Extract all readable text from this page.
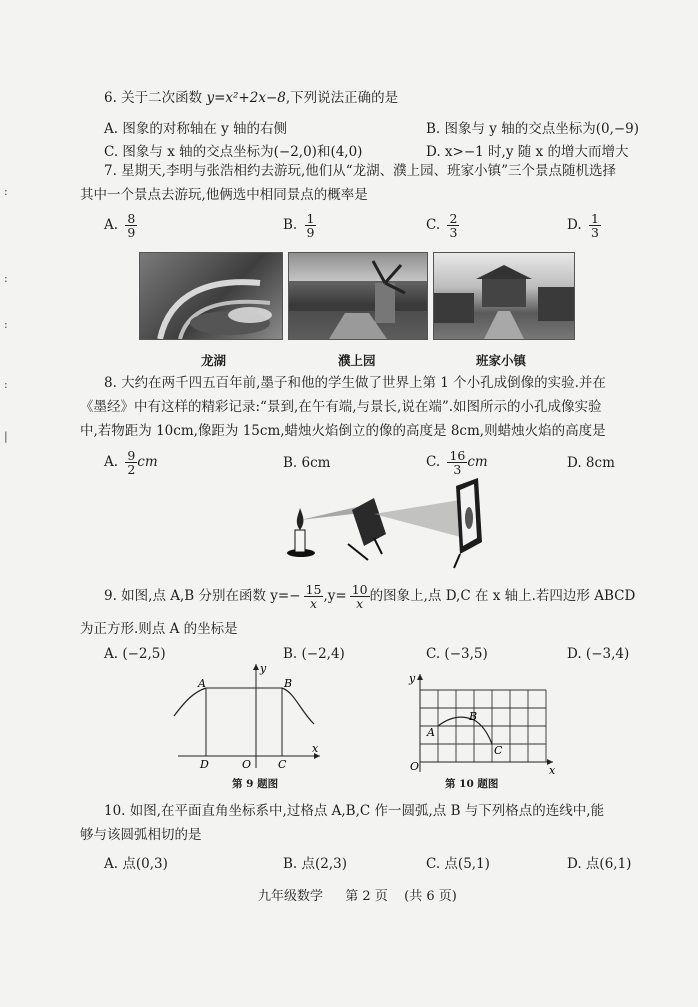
:
:
:
:
|
6. 关于二次函数 y=x²+2x−8,下列说法正确的是
A. 图象的对称轴在 y 轴的右侧	B. 图象与 y 轴的交点坐标为(0,−9)
C. 图象与 x 轴的交点坐标为(−2,0)和(4,0)	D. x>−1 时,y 随 x 的增大而增大
7. 星期天,李明与张浩相约去游玩,他们从“龙湖、濮上园、班家小镇”三个景点随机选择
其中一个景点去游玩,他俩选中相同景点的概率是
A. $\frac{8}{9}$	B. $\frac{1}{9}$	C. $\frac{2}{3}$	D. $\frac{1}{3}$
龙湖	濮上园	班家小镇
8. 大约在两千四五百年前,墨子和他的学生做了世界上第 1 个小孔成倒像的实验.并在
《墨经》中有这样的精彩记录:“景到,在午有端,与景长,说在端”.如图所示的小孔成像实验
中,若物距为 10cm,像距为 15cm,蜡烛火焰倒立的像的高度是 8cm,则蜡烛火焰的高度是
A. $\frac{9}{2}$ cm	B. 6cm	C. $\frac{16}{3}$ cm	D. 8cm
9. 如图,点 A,B 分别在函数 $y=- \frac{15}{x} ,y= \frac{10}{x}$ 的图象上,点 D,C 在 x 轴上.若四边形 ABCD
为正方形.则点 A 的坐标是
A. (−2,5)	B. (−2,4)	C. (−3,5)	D. (−3,4)
A	B
C
D	O
x
y
第 9 题图
A
B
C
O	x
y
第 10 题图
10. 如图,在平面直角坐标系中,过格点 A,B,C 作一圆弧,点 B 与下列格点的连线中,能
够与该圆弧相切的是
A. 点(0,3)	B. 点(2,3)	C. 点(5,1)	D. 点(6,1)
九年级数学 第 2 页 (共 6 页)
